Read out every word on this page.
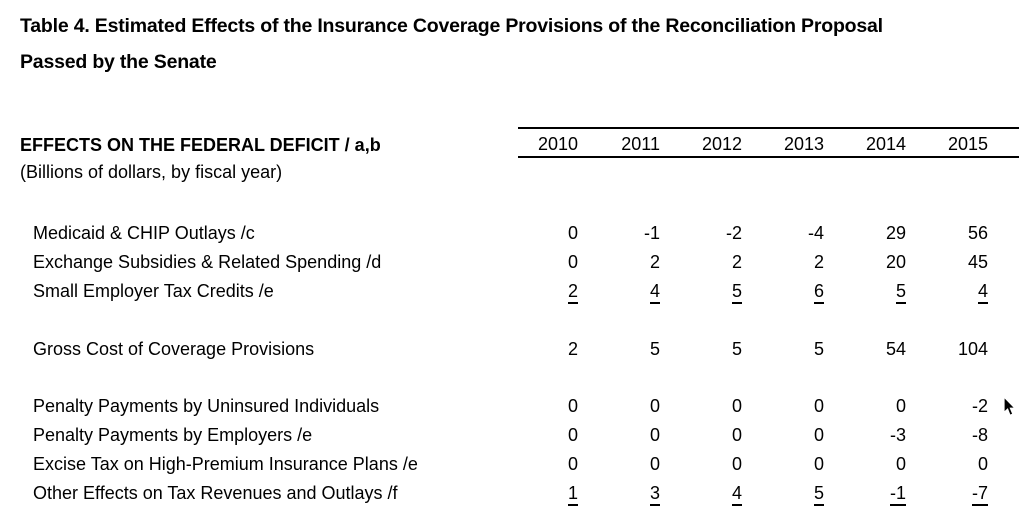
Table 4. Estimated Effects of the Insurance Coverage Provisions of the Reconciliation Proposal
Passed by the Senate
EFFECTS ON THE FEDERAL DEFICIT / a,b
(Billions of dollars, by fiscal year)
2010	2011	2012	2013	2014	2015
Medicaid & CHIP Outlays /c	0	-1	-2	-4	29	56
Exchange Subsidies & Related Spending /d	0	2	2	2	20	45
Small Employer Tax Credits /e	2	4	5	6	5	4
Gross Cost of Coverage Provisions	2	5	5	5	54	104
Penalty Payments by Uninsured Individuals	0	0	0	0	0	-2
Penalty Payments by Employers /e	0	0	0	0	-3	-8
Excise Tax on High-Premium Insurance Plans /e	0	0	0	0	0	0
Other Effects on Tax Revenues and Outlays /f	1	3	4	5	-1	-7
